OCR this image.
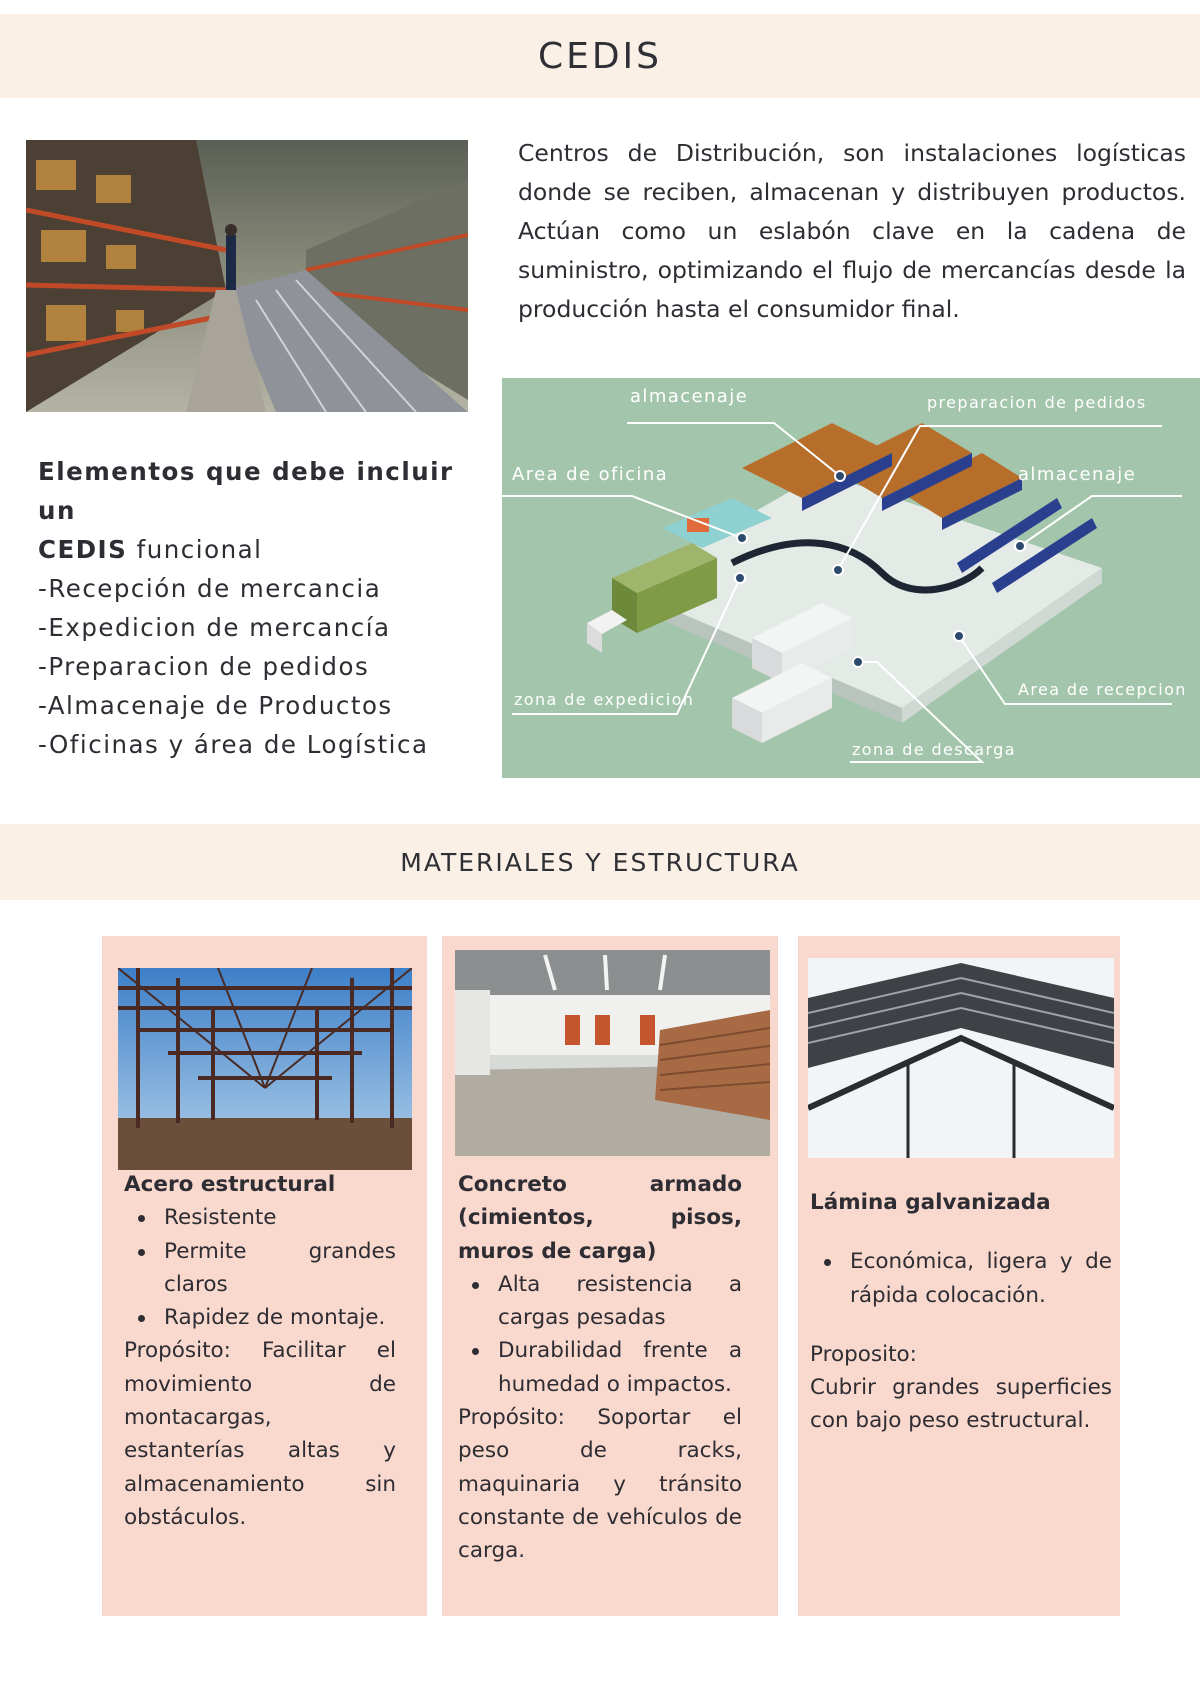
CEDIS
Centros de Distribución, son instalaciones logísticas donde se reciben, almacenan y distribuyen productos. Actúan como un eslabón clave en la cadena de suministro, optimizando el flujo de mercancías desde la producción hasta el consumidor final.
Elementos que debe incluir un
CEDIS funcional
-Recepción de mercancia
-Expedicion de mercancía
-Preparacion de pedidos
-Almacenaje de Productos
-Oficinas y área de Logística
almacenaje	preparacion de pedidos
Area de oficina	almacenaje
zona de expedicion
Area de recepcion
zona de descarga
MATERIALES Y ESTRUCTURA
Acero estructural
Resistente
Permite grandes claros
Rapidez de montaje.
Propósito: Facilitar el movimiento de montacargas, estanterías altas y almacenamiento sin obstáculos.
Concreto armado (cimientos, pisos, muros de carga)
Alta resistencia a cargas pesadas
Durabilidad frente a humedad o impactos.
Propósito: Soportar el peso de racks, maquinaria y tránsito constante de vehículos de carga.
Lámina galvanizada
Económica, ligera y de rápida colocación.
Proposito:
Cubrir grandes superficies con bajo peso estructural.
